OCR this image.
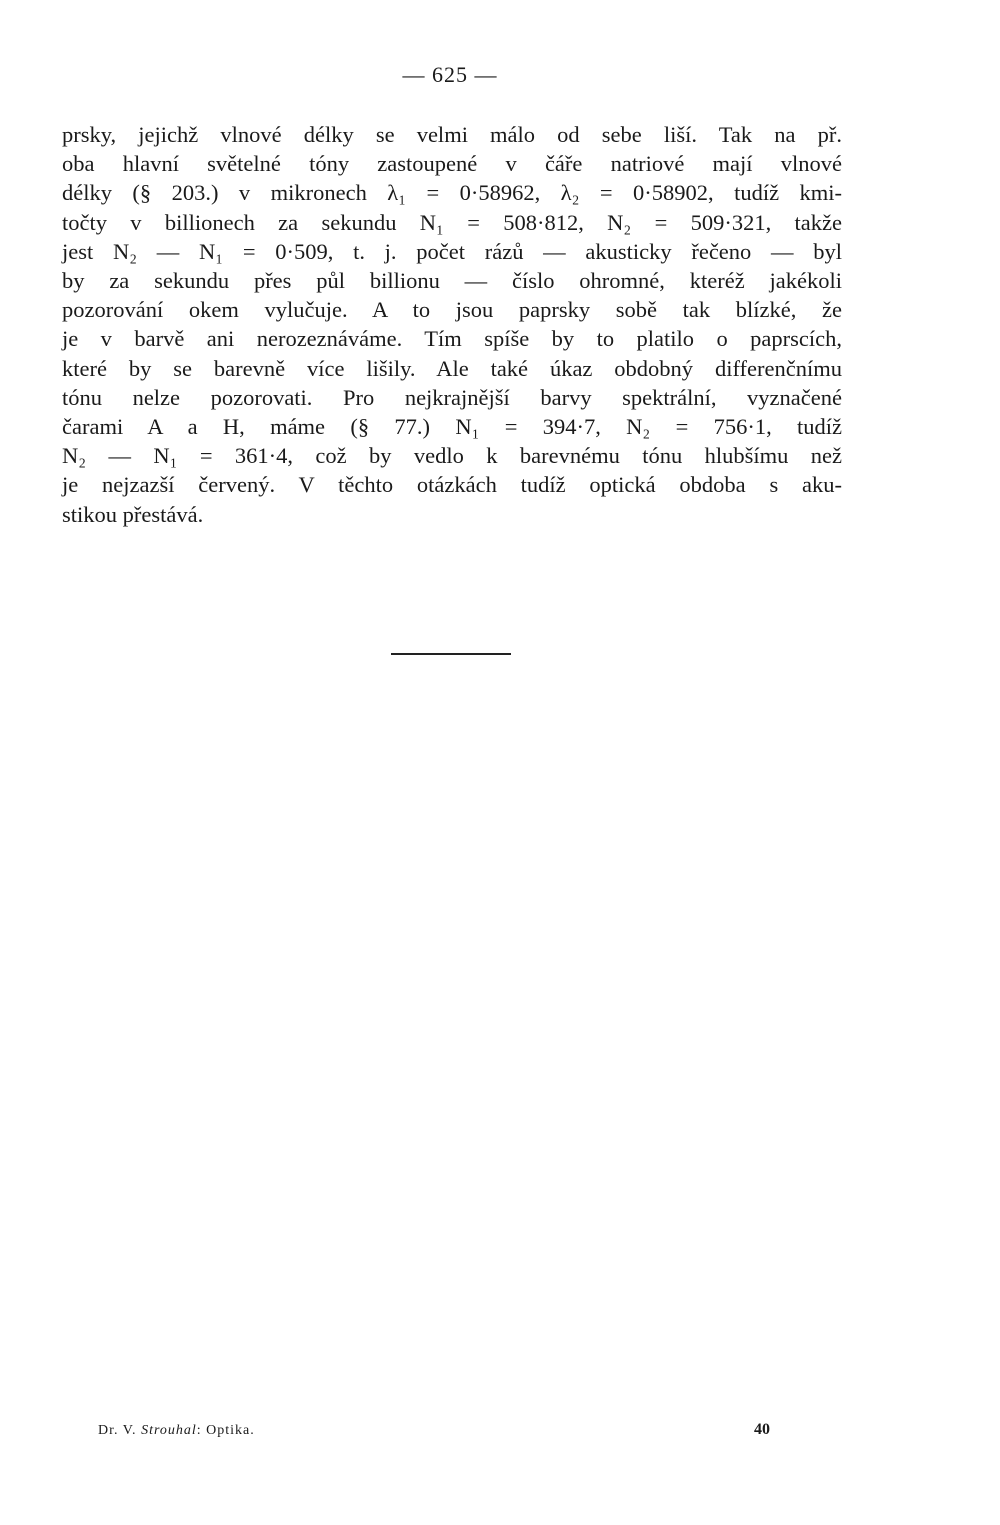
— 625 —
prsky, jejichž vlnové délky se velmi málo od sebe liší. Tak na př.
oba hlavní světelné tóny zastoupené v čáře natriové mají vlnové
délky (§ 203.) v mikronech λ₁ = 0·58962, λ₂ = 0·58902, tudíž kmi-
točty v billionech za sekundu N₁ = 508·812, N₂ = 509·321, takže
jest N₂ — N₁ = 0·509, t. j. počet rázů — akusticky řečeno — byl
by za sekundu přes půl billionu — číslo ohromné, kteréž jakékoli
pozorování okem vylučuje. A to jsou paprsky sobě tak blízké, že
je v barvě ani nerozeznáváme. Tím spíše by to platilo o paprscích,
které by se barevně více lišily. Ale také úkaz obdobný differenčnímu
tónu nelze pozorovati. Pro nejkrajnější barvy spektrální, vyznačené
čarami A a H, máme (§ 77.) N₁ = 394·7, N₂ = 756·1, tudíž
N₂ — N₁ = 361·4, což by vedlo k barevnému tónu hlubšímu než
je nejzazší červený. V těchto otázkách tudíž optická obdoba s aku-
stikou přestává.
Dr. V. Strouhal: Optika.	40
